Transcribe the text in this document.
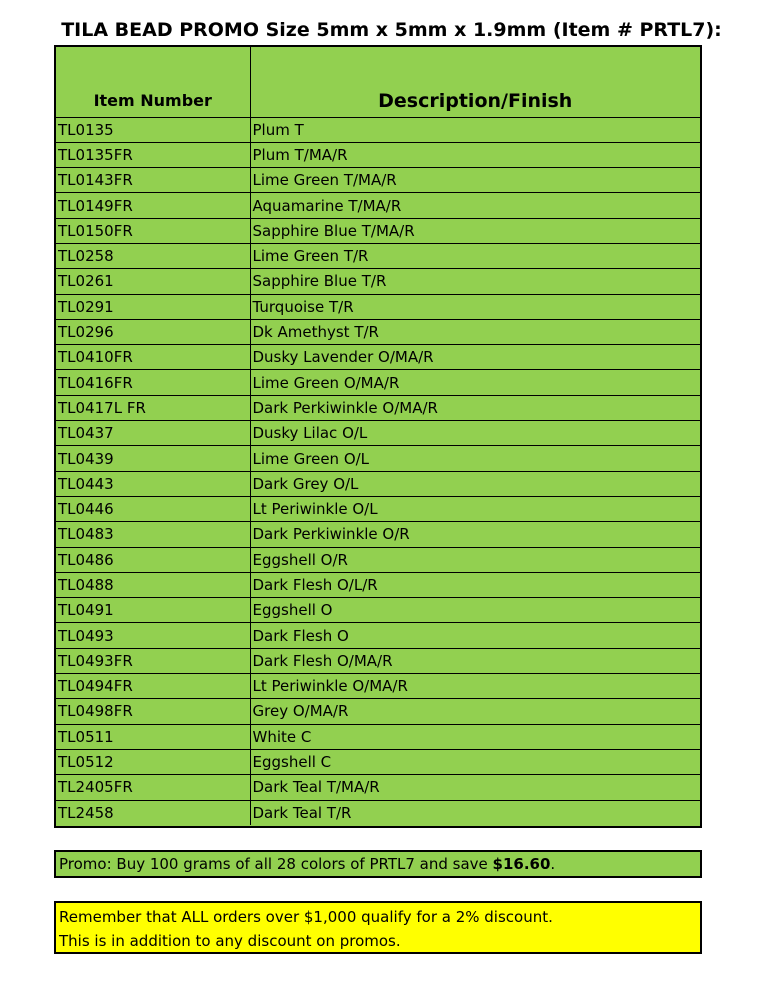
TILA BEAD PROMO Size 5mm x 5mm x 1.9mm (Item # PRTL7):
Item Number	Description/Finish
TL0135	Plum T
TL0135FR	Plum T/MA/R
TL0143FR	Lime Green T/MA/R
TL0149FR	Aquamarine T/MA/R
TL0150FR	Sapphire Blue T/MA/R
TL0258	Lime Green T/R
TL0261	Sapphire Blue T/R
TL0291	Turquoise T/R
TL0296	Dk Amethyst T/R
TL0410FR	Dusky Lavender O/MA/R
TL0416FR	Lime Green O/MA/R
TL0417L FR	Dark Perkiwinkle O/MA/R
TL0437	Dusky Lilac O/L
TL0439	Lime Green O/L
TL0443	Dark Grey O/L
TL0446	Lt Periwinkle O/L
TL0483	Dark Perkiwinkle O/R
TL0486	Eggshell O/R
TL0488	Dark Flesh O/L/R
TL0491	Eggshell O
TL0493	Dark Flesh O
TL0493FR	Dark Flesh O/MA/R
TL0494FR	Lt Periwinkle O/MA/R
TL0498FR	Grey O/MA/R
TL0511	White C
TL0512	Eggshell C
TL2405FR	Dark Teal T/MA/R
TL2458	Dark Teal T/R
Promo: Buy 100 grams of all 28 colors of PRTL7 and save $16.60.
Remember that ALL orders over $1,000 qualify for a 2% discount.
This is in addition to any discount on promos.
